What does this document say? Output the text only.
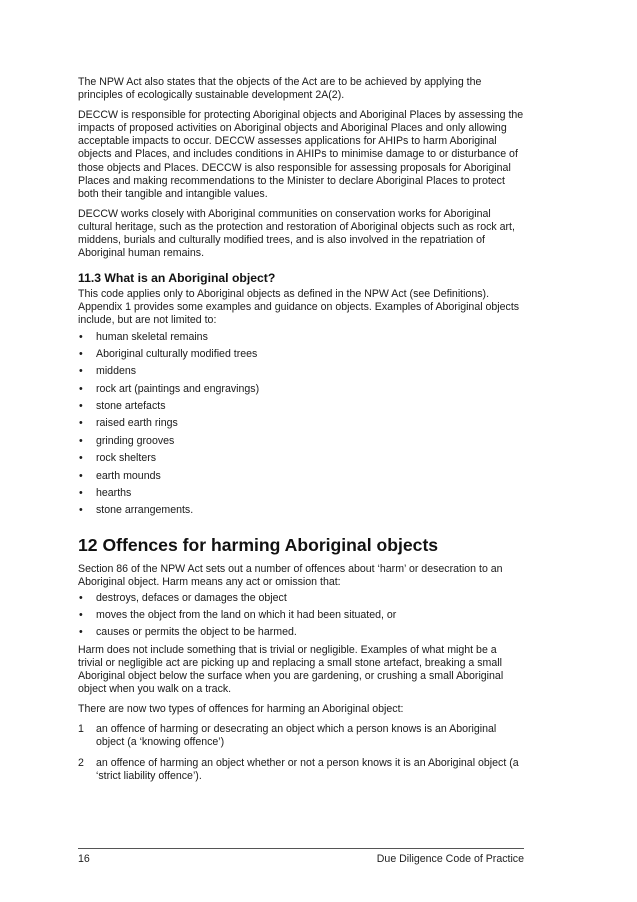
The NPW Act also states that the objects of the Act are to be achieved by applying the principles of ecologically sustainable development 2A(2).

DECCW is responsible for protecting Aboriginal objects and Aboriginal Places by assessing the impacts of proposed activities on Aboriginal objects and Aboriginal Places and only allowing acceptable impacts to occur. DECCW assesses applications for AHIPs to harm Aboriginal objects and Places, and includes conditions in AHIPs to minimise damage to or disturbance of those objects and Places. DECCW is also responsible for assessing proposals for Aboriginal Places and making recommendations to the Minister to declare Aboriginal Places to protect both their tangible and intangible values.

DECCW works closely with Aboriginal communities on conservation works for Aboriginal cultural heritage, such as the protection and restoration of Aboriginal objects such as rock art, middens, burials and culturally modified trees, and is also involved in the repatriation of Aboriginal human remains.

11.3 What is an Aboriginal object?

This code applies only to Aboriginal objects as defined in the NPW Act (see Definitions). Appendix 1 provides some examples and guidance on objects. Examples of Aboriginal objects include, but are not limited to:

• human skeletal remains
• Aboriginal culturally modified trees
• middens
• rock art (paintings and engravings)
• stone artefacts
• raised earth rings
• grinding grooves
• rock shelters
• earth mounds
• hearths
• stone arrangements.
12 Offences for harming Aboriginal objects

Section 86 of the NPW Act sets out a number of offences about ‘harm’ or desecration to an Aboriginal object. Harm means any act or omission that:

• destroys, defaces or damages the object
• moves the object from the land on which it had been situated, or
• causes or permits the object to be harmed.

Harm does not include something that is trivial or negligible. Examples of what might be a trivial or negligible act are picking up and replacing a small stone artefact, breaking a small Aboriginal object below the surface when you are gardening, or crushing a small Aboriginal object when you walk on a track.

There are now two types of offences for harming an Aboriginal object:

1 an offence of harming or desecrating an object which a person knows is an Aboriginal object (a ‘knowing offence’)
2 an offence of harming an object whether or not a person knows it is an Aboriginal object (a ‘strict liability offence’).
16	Due Diligence Code of Practice
